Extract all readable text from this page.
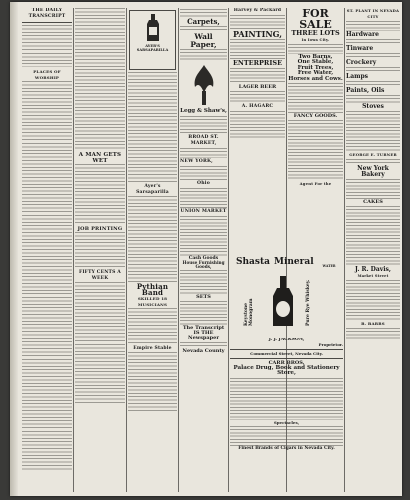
THE DAILY TRANSCRIPT

PLACES OF WORSHIP

A MAN GETS WET

JOB PRINTING

FIFTY CENTS A WEEK

AYER'S SARSAPARILLA

Ayer's Sarsaparilla

Pythian Band
SKILLED 18 MUSICIANS

Empire Stable

Carpets,
Wall Paper,
Legg & Shaw's,
BROAD ST. MARKET,
NEW YORK,
Ohio
UNION MARKET
Cash Goods
House Furnishing Goods,
SETS
The Transcript IS THE
Newspaper
Nevada County
Harvey & Packard
PAINTING,
ENTERPRISE
LAGER BEER
A. HAGARC
Shasta Mineral
Keystone Monogram	Pure Rye Whiskey.
WATER
J. J. JACKSON,
Proprietor.
Commercial Street, Nevada City.
CARR BROS.
Palace Drug, Book and Stationery Store,
Spectacles,
Finest Brands of Cigars in Nevada City.
FOR SALE
THREE LOTS
In Iowa City.
Two Barns,
One Stable,
Fruit Trees,
Free Water,
Horses and Cows.
FANCY GOODS.
Agent For the
ST. PLANT IN NEVADA CITY
Hardware
Tinware
Crockery
Lamps
Paints, Oils
Stoves
GEORGE E. TURNER
New York Bakery
CAKES
J. R. Davis,
Market Street
B. BARRS
